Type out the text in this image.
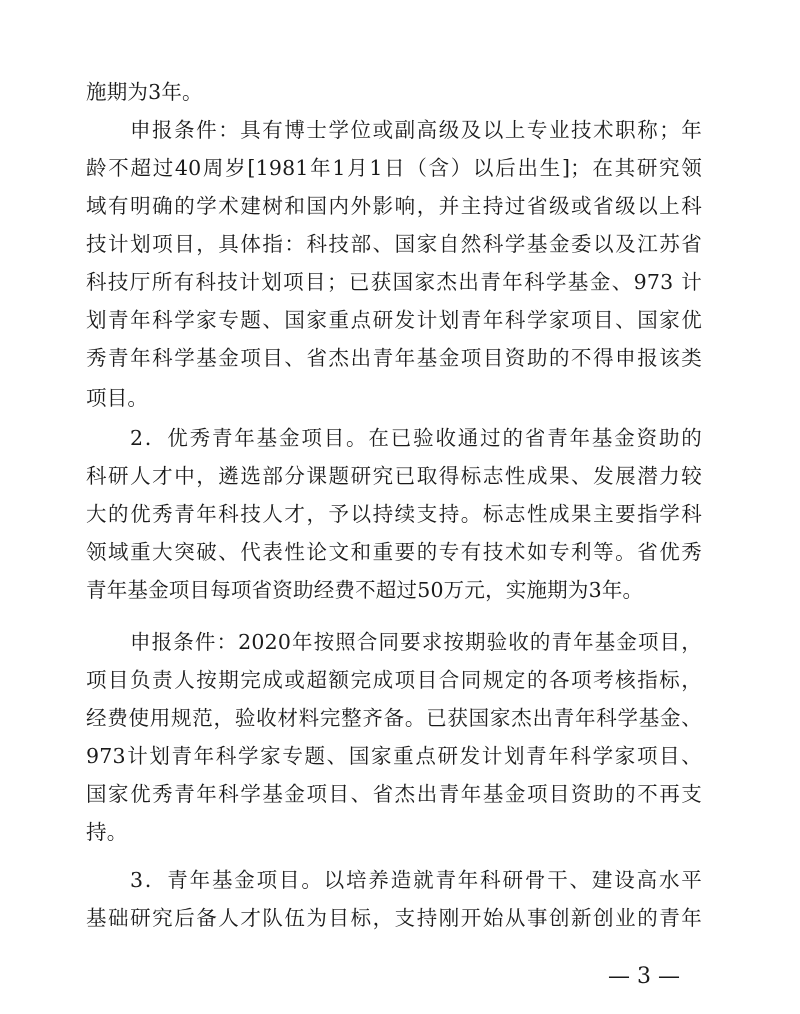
施期为3年。
申报条件：具有博士学位或副高级及以上专业技术职称；年
龄不超过40周岁[1981年1月1日（含）以后出生]；在其研究领
域有明确的学术建树和国内外影响，并主持过省级或省级以上科
技计划项目，具体指：科技部、国家自然科学基金委以及江苏省
科技厅所有科技计划项目；已获国家杰出青年科学基金、973 计
划青年科学家专题、国家重点研发计划青年科学家项目、国家优
秀青年科学基金项目、省杰出青年基金项目资助的不得申报该类
项目。
2．优秀青年基金项目。在已验收通过的省青年基金资助的
科研人才中，遴选部分课题研究已取得标志性成果、发展潜力较
大的优秀青年科技人才，予以持续支持。标志性成果主要指学科
领域重大突破、代表性论文和重要的专有技术如专利等。省优秀
青年基金项目每项省资助经费不超过50万元，实施期为3年。
申报条件：2020年按照合同要求按期验收的青年基金项目，
项目负责人按期完成或超额完成项目合同规定的各项考核指标，
经费使用规范，验收材料完整齐备。已获国家杰出青年科学基金、
973计划青年科学家专题、国家重点研发计划青年科学家项目、
国家优秀青年科学基金项目、省杰出青年基金项目资助的不再支
持。
3．青年基金项目。以培养造就青年科研骨干、建设高水平
基础研究后备人才队伍为目标，支持刚开始从事创新创业的青年
— 3 —
